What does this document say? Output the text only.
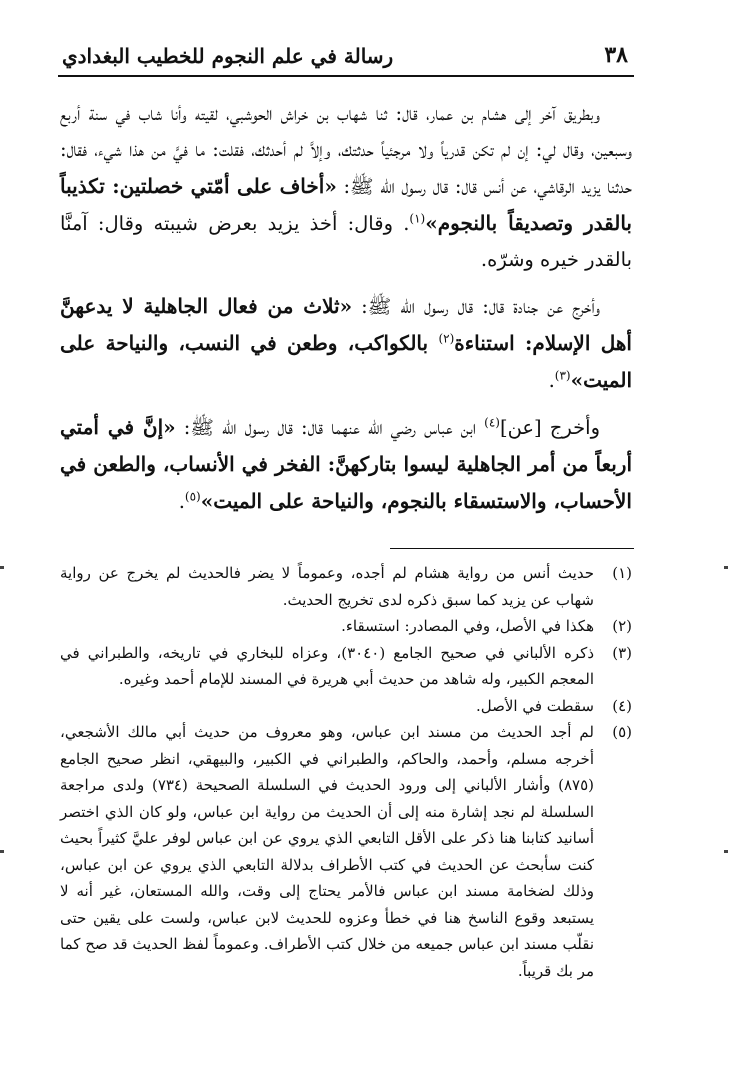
٣٨
رسالة في علم النجوم للخطيب البغدادي

وبطريق آخر إلى هشام بن عمار، قال: ثنا شهاب بن خراش الحوشبي، لقيته وأنا شاب في سنة أربع وسبعين، وقال لي: إن لم تكن قدرياً ولا مرجئياً حدثتك، وإلاَّ لم أحدثك، فقلت: ما فيَّ من هذا شيء، فقال: حدثنا يزيد الرقاشي، عن أنس قال: قال رسول الله ﷺ: «أخاف على أمّتي خصلتين: تكذيباً بالقدر وتصديقاً بالنجوم»$^{(١)}$. وقال: أخذ يزيد بعرض شيبته وقال: آمنَّا بالقدر خيره وشرّه.

وأخرج عن جنادة قال: قال رسول الله ﷺ: «ثلاث من فعال الجاهلية لا يدعهنَّ أهل الإسلام: استناءة$^{(٢)}$ بالكواكب، وطعن في النسب، والنياحة على الميت»$^{(٣)}$.

وأخرج [عن]$^{(٤)}$ ابن عباس رضي الله عنهما قال: قال رسول الله ﷺ: «إنَّ في أمتي أربعاً من أمر الجاهلية ليسوا بتاركهنَّ: الفخر في الأنساب، والطعن في الأحساب، والاستسقاء بالنجوم، والنياحة على الميت»$^{(٥)}$.

(١)
حديث أنس من رواية هشام لم أجده، وعموماً لا يضر فالحديث لم يخرج عن رواية شهاب عن يزيد كما سبق ذكره لدى تخريج الحديث.
(٢)
هكذا في الأصل، وفي المصادر: استسقاء.
(٣)
ذكره الألباني في صحيح الجامع (٣٠٤٠)، وعزاه للبخاري في تاريخه، والطبراني في المعجم الكبير، وله شاهد من حديث أبي هريرة في المسند للإمام أحمد وغيره.
(٤)
سقطت في الأصل.
(٥)
لم أجد الحديث من مسند ابن عباس، وهو معروف من حديث أبي مالك الأشجعي، أخرجه مسلم، وأحمد، والحاكم، والطبراني في الكبير، والبيهقي، انظر صحيح الجامع (٨٧٥) وأشار الألباني إلى ورود الحديث في السلسلة الصحيحة (٧٣٤) ولدى مراجعة السلسلة لم نجد إشارة منه إلى أن الحديث من رواية ابن عباس، ولو كان الذي اختصر أسانيد كتابنا هنا ذكر على الأقل التابعي الذي يروي عن ابن عباس لوفر عليَّ كثيراً بحيث كنت سأبحث عن الحديث في كتب الأطراف بدلالة التابعي الذي يروي عن ابن عباس، وذلك لضخامة مسند ابن عباس فالأمر يحتاج إلى وقت، والله المستعان، غير أنه لا يستبعد وقوع الناسخ هنا في خطأ وعزوه للحديث لابن عباس، ولست على يقين حتى نقلّب مسند ابن عباس جميعه من خلال كتب الأطراف. وعموماً لفظ الحديث قد صح كما مر بك قريباً.
